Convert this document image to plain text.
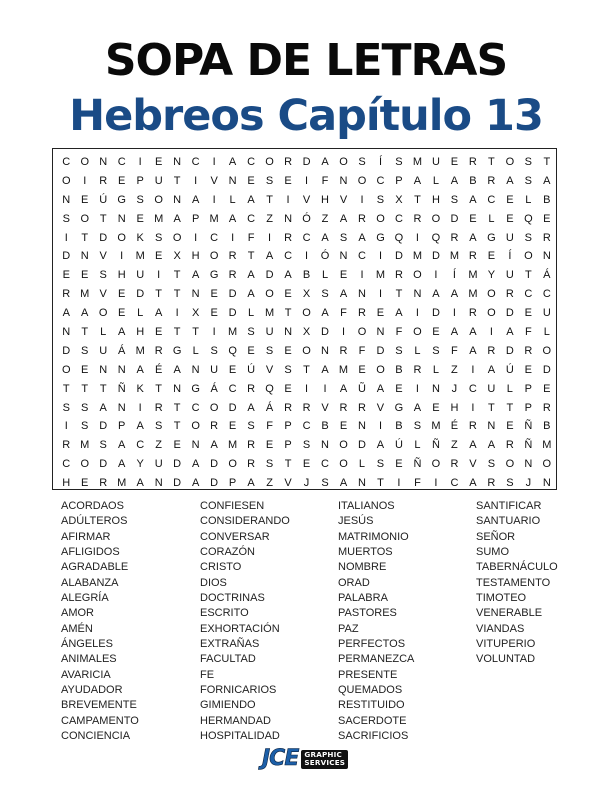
SOPA DE LETRAS
Hebreos Capítulo 13
C O N C	I	E N C	I	A C O R D A O S	Í	S M U E R	T O S	T
O	I	R E	P U	T	I	V N E	S	E	I	F	N O C P	A	L	A	B R A	S	A
N E Ú G S O N A	I	L	A	T	I	V H V	I	S	X	T	H S	A C E	L	B
S O T	N E M A	P M A C	Z	N Ó Z	A R O C R O D E	L	E Q E
I	T	D O K	S O	I	C	I	F	I	R C A	S	A G Q	I	Q R A G U S R
D N V	I	M E	X H O R	T	A C	I	Ó N C	I	D M D M R E	Í	O N
E	E	S H U	I	T	A G R A D A	B	L	E	I	M R O	I	Í	M Y U	T	Á
R M V	E D	T	T	N E D A O E	X	S	A N	I	T	N A	A M O R C C
A	A O E	L	A	I	X	E D	L M T O A	F	R E	A	I	D	I	R O D E U
N	T	L	A H E	T	T	I	M S U N X D	I	O N	F O E	A	A	I	A	F	L
D S U Á M R G	L	S Q E	S	E O N R	F	D S	L	S	F	A R D R O
O E N N A	É	A N U E Ú V	S	T	A M E O B R	L	Z	I	A Ú E D
T	T	T	Ñ K	T	N G Á C R Q E	I	I	A Ũ A	E	I	N	J	C U	L	P	E
S	S	A N	I	R	T	C O D A	Á R R V R R V G A	E H	I	T	T	P R
I	S D P	A	S	T O R E	S	F	P C B	E N	I	B	S M É R N E Ñ B
R M S	A C	Z	E N A M R E	P	S N O D A Ú	L	Ñ	Z	A	A R Ñ M
C O D A	Y U D A D O R S	T	E C O	L	S	E Ñ O R V	S O N O
H E R M A N D A D P	A	Z	V	J	S	A N	T	I	F	I	C A R S	J	N
ACORDAOS
ADÚLTEROS
AFIRMAR
AFLIGIDOS
AGRADABLE
ALABANZA
ALEGRÍA
AMOR
AMÉN
ÁNGELES
ANIMALES
AVARICIA
AYUDADOR
BREVEMENTE
CAMPAMENTO
CONCIENCIA
CONFIESEN
CONSIDERANDO
CONVERSAR
CORAZÓN
CRISTO
DIOS
DOCTRINAS
ESCRITO
EXHORTACIÓN
EXTRAÑAS
FACULTAD
FE
FORNICARIOS
GIMIENDO
HERMANDAD
HOSPITALIDAD
ITALIANOS
JESÚS
MATRIMONIO
MUERTOS
NOMBRE
ORAD
PALABRA
PASTORES
PAZ
PERFECTOS
PERMANEZCA
PRESENTE
QUEMADOS
RESTITUIDO
SACERDOTE
SACRIFICIOS
SANTIFICAR
SANTUARIO
SEÑOR
SUMO
TABERNÁCULO
TESTAMENTO
TIMOTEO
VENERABLE
VIANDAS
VITUPERIO
VOLUNTAD
JCE GRAPHIC
SERVICES
